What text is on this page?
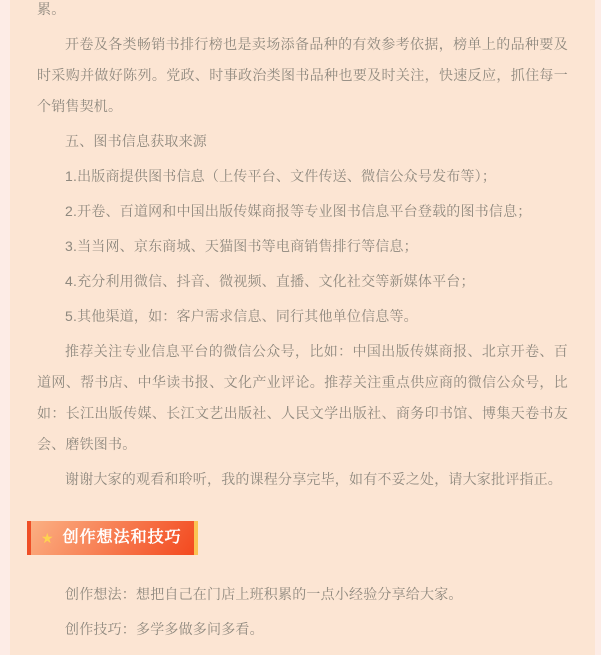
累。

开卷及各类畅销书排行榜也是卖场添备品种的有效参考依据，榜单上的品种要及时采购并做好陈列。党政、时事政治类图书品种也要及时关注，快速反应，抓住每一个销售契机。

五、图书信息获取来源

1.出版商提供图书信息（上传平台、文件传送、微信公众号发布等）；

2.开卷、百道网和中国出版传媒商报等专业图书信息平台登载的图书信息；

3.当当网、京东商城、天猫图书等电商销售排行等信息；

4.充分利用微信、抖音、微视频、直播、文化社交等新媒体平台；

5.其他渠道，如：客户需求信息、同行其他单位信息等。

推荐关注专业信息平台的微信公众号，比如：中国出版传媒商报、北京开卷、百道网、帮书店、中华读书报、文化产业评论。推荐关注重点供应商的微信公众号，比如：长江出版传媒、长江文艺出版社、人民文学出版社、商务印书馆、博集天卷书友会、磨铁图书。

谢谢大家的观看和聆听，我的课程分享完毕，如有不妥之处，请大家批评指正。

★ 创作想法和技巧

创作想法：想把自己在门店上班积累的一点小经验分享给大家。

创作技巧：多学多做多问多看。
